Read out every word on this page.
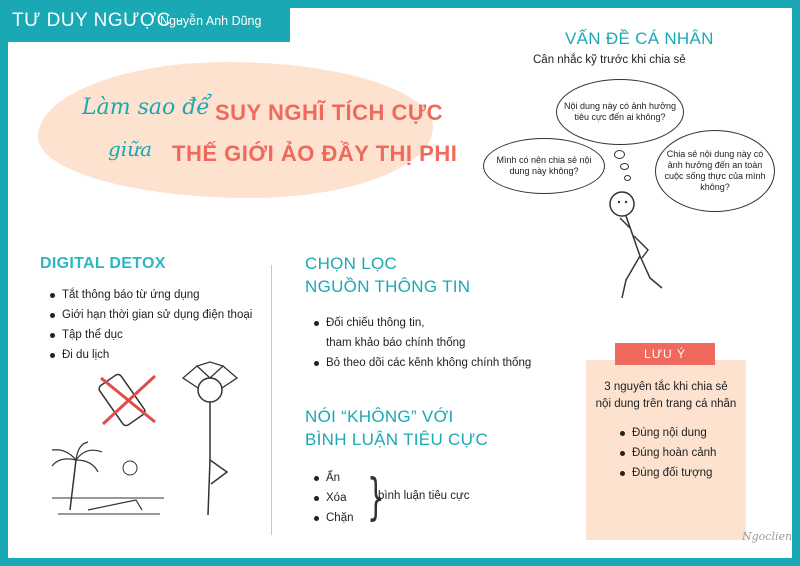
TƯ DUY NGƯỢC -
Nguyễn Anh Dũng
Làm sao để SUY NGHĨ TÍCH CỰC
giữa THẾ GIỚI ẢO ĐẦY THỊ PHI
DIGITAL DETOX
Tắt thông báo từ ứng dụng
Giới hạn thời gian sử dụng điện thoại
Tập thể dục
Đi du lịch
CHỌN LỌC
NGUỒN THÔNG TIN
Đối chiếu thông tin,
tham khảo báo chính thống
Bỏ theo dõi các kênh không chính thống
NÓI “KHÔNG” VỚI
BÌNH LUẬN TIÊU CỰC
Ẩn
Xóa
Chặn }
bình luận tiêu cực
VẤN ĐỀ CÁ NHÂN
Cân nhắc kỹ trước khi chia sẻ
Nội dung này có ảnh hưởng tiêu cực đến ai không?
Mình có nên chia sẻ nội dung này không?
Chia sẻ nội dung này có ảnh hưởng đến an toàn cuộc sống thực của mình không?
LƯU Ý
3 nguyên tắc khi chia sẻ
nội dung trên trang cá nhân
Đúng nội dung
Đúng hoàn cảnh
Đúng đối tượng
Ngoclien
